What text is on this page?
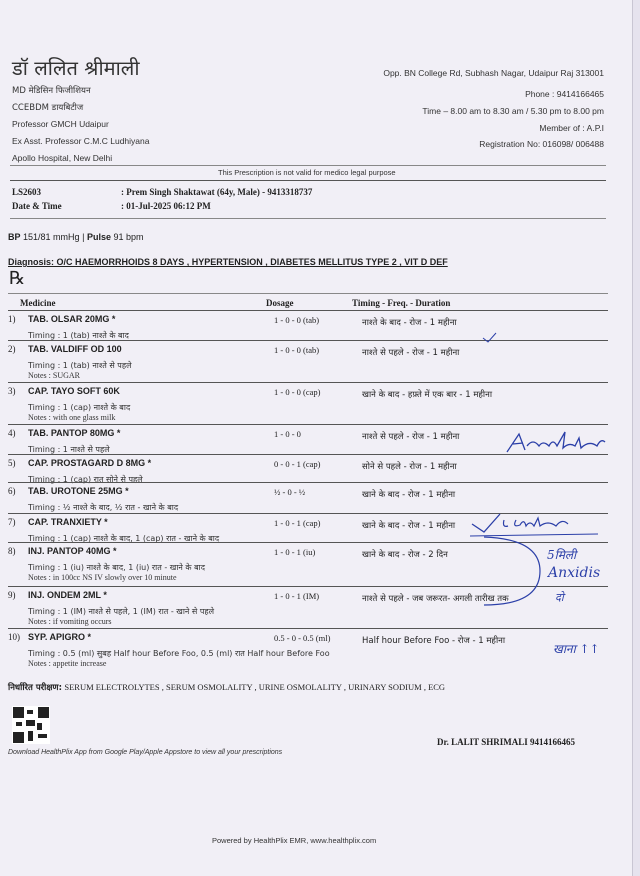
डॉ ललित श्रीमाली
MD मेडिसिन फिजीशियन
CCEBDM डायबिटीज
Professor GMCH Udaipur
Ex Asst. Professor C.M.C Ludhiyana
Apollo Hospital, New Delhi
Opp. BN College Rd, Subhash Nagar, Udaipur Raj 313001
Phone : 9414166465
Time – 8.00 am to 8.30 am / 5.30 pm to 8.00 pm
Member of : A.P.I
Registration No: 016098/ 006488
This Prescription is not valid for medico legal purpose
LS2603	: Prem Singh Shaktawat (64y, Male) - 9413318737
Date & Time	: 01-Jul-2025 06:12 PM
BP 151/81 mmHg | Pulse 91 bpm
Diagnosis: O/C HAEMORRHOIDS 8 DAYS , HYPERTENSION , DIABETES MELLITUS TYPE 2 , VIT D DEF
℞
Medicine	Dosage	Timing - Freq. - Duration
1) TAB. OLSAR 20MG *	1 - 0 - 0 (tab)	नाश्ते के बाद - रोज - 1 महीना
Timing : 1 (tab) नाश्ते के बाद
2) TAB. VALDIFF OD 100	1 - 0 - 0 (tab)	नाश्ते से पहले - रोज - 1 महीना
Timing : 1 (tab) नाश्ते से पहले
Notes : SUGAR
3) CAP. TAYO SOFT 60K	1 - 0 - 0 (cap)	खाने के बाद - हफ़्ते में एक बार - 1 महीना
Timing : 1 (cap) नाश्ते के बाद
Notes : with one glass milk
4) TAB. PANTOP 80MG *	1 - 0 - 0	नाश्ते से पहले - रोज - 1 महीना
Timing : 1 नाश्ते से पहले
5) CAP. PROSTAGARD D 8MG *	0 - 0 - 1 (cap)	सोने से पहले - रोज - 1 महीना
Timing : 1 (cap) रात सोने से पहले
6) TAB. UROTONE 25MG *	½ - 0 - ½	खाने के बाद - रोज - 1 महीना
Timing : ½ नाश्ते के बाद, ½ रात - खाने के बाद
7) CAP. TRANXIETY *	1 - 0 - 1 (cap)	खाने के बाद - रोज - 1 महीना
Timing : 1 (cap) नाश्ते के बाद, 1 (cap) रात - खाने के बाद
8) INJ. PANTOP 40MG *	1 - 0 - 1 (iu)	खाने के बाद - रोज - 2 दिन
Timing : 1 (iu) नाश्ते के बाद, 1 (iu) रात - खाने के बाद
Notes : in 100cc NS IV slowly over 10 minute
9) INJ. ONDEM 2ML *	1 - 0 - 1 (IM)	नाश्ते से पहले - जब जरूरत- अगली तारीख तक
Timing : 1 (IM) नाश्ते से पहले, 1 (IM) रात - खाने से पहले
Notes : if vomiting occurs
10) SYP. APIGRO *	0.5 - 0 - 0.5 (ml)	Half hour Before Foo - रोज - 1 महीना
Timing : 0.5 (ml) सुबह Half hour Before Foo, 0.5 (ml) रात Half hour Before Foo
Notes : appetite increase
निर्धारित परीक्षण: SERUM ELECTROLYTES , SERUM OSMOLALITY , URINE OSMOLALITY , URINARY SODIUM , ECG
Download HealthPlix App from Google Play/Apple Appstore to view all your prescriptions
Dr. LALIT SHRIMALI 9414166465
Powered by HealthPlix EMR, www.healthplix.com
5मिली
Anxidis
दो
खाना ↑↑
